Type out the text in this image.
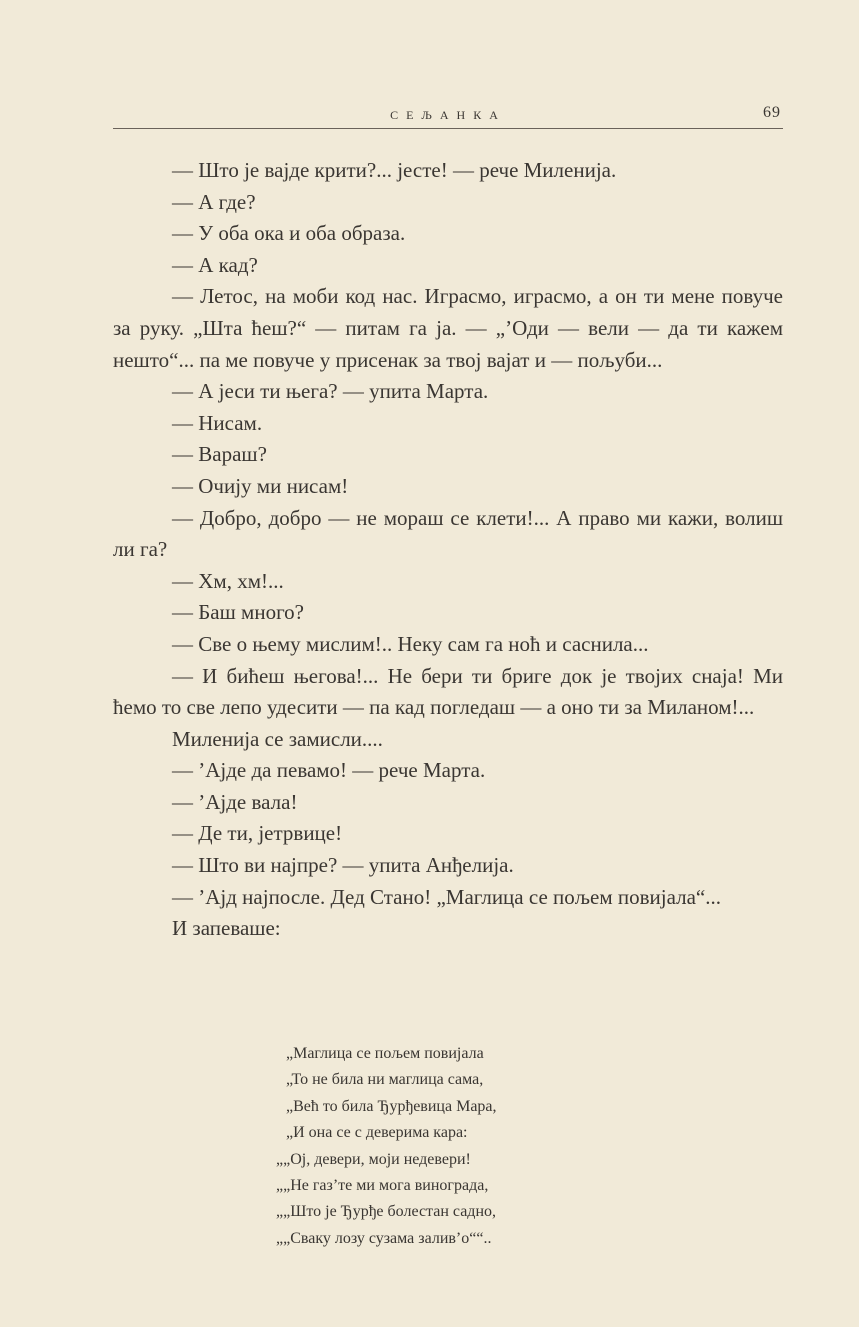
СЕЉАНКА	69

— Што је вајде крити?... јесте! — рече Миленија.

— А где?

— У оба ока и оба образа.

— А кад?

— Летос, на моби код нас. Играсмо, играсмо, а он ти мене повуче за руку. „Шта ћеш?“ — питам га ја. — „’Оди — вели — да ти кажем нешто“... па ме повуче у присенак за твој вајат и — пољуби...

— А јеси ти њега? — упита Марта.

— Нисам.

— Вараш?

— Очију ми нисам!

— Добро, добро — не мораш се клети!... А право ми кажи, волиш ли га?

— Хм, хм!...

— Баш много?

— Све о њему мислим!.. Неку сам га ноћ и саснила...

— И бићеш његова!... Не бери ти бриге док је твојих снаја! Ми ћемо то све лепо удесити — па кад погледаш — а оно ти за Миланом!...

Миленија се замисли....

— ’Ајде да певамо! — рече Марта.

— ’Ајде вала!

— Де ти, јетрвице!

— Што ви најпре? — упита Анђелија.

— ’Ајд најпосле. Дед Стано! „Маглица се пољем повијала“...

И запеваше:

„Маглица се пољем повијала
„То не била ни маглица сама,
„Већ то била Ђурђевица Мара,
„И она се с деверима кара:
„„Ој, девери, моји недевери!
„„Не газ’те ми мога винограда,
„„Што је Ђурђе болестан садно,
„„Сваку лозу сузама залив’о““..
